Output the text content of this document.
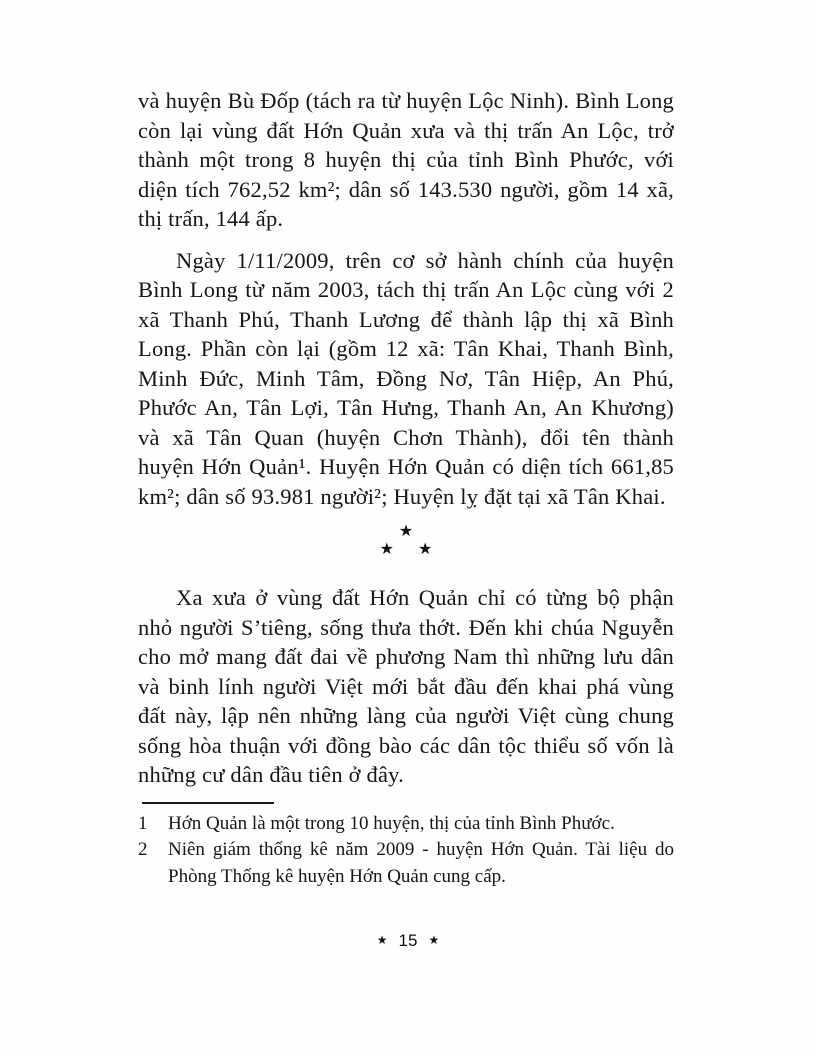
và huyện Bù Đốp (tách ra từ huyện Lộc Ninh). Bình Long còn lại vùng đất Hớn Quản xưa và thị trấn An Lộc, trở thành một trong 8 huyện thị của tỉnh Bình Phước, với diện tích 762,52 km²; dân số 143.530 người, gồm 14 xã, thị trấn, 144 ấp.

Ngày 1/11/2009, trên cơ sở hành chính của huyện Bình Long từ năm 2003, tách thị trấn An Lộc cùng với 2 xã Thanh Phú, Thanh Lương để thành lập thị xã Bình Long. Phần còn lại (gồm 12 xã: Tân Khai, Thanh Bình, Minh Đức, Minh Tâm, Đồng Nơ, Tân Hiệp, An Phú, Phước An, Tân Lợi, Tân Hưng, Thanh An, An Khương) và xã Tân Quan (huyện Chơn Thành), đổi tên thành huyện Hớn Quản¹. Huyện Hớn Quản có diện tích 661,85 km²; dân số 93.981 người²; Huyện lỵ đặt tại xã Tân Khai.

★
★ ★

Xa xưa ở vùng đất Hớn Quản chỉ có từng bộ phận nhỏ người S’tiêng, sống thưa thớt. Đến khi chúa Nguyễn cho mở mang đất đai về phương Nam thì những lưu dân và binh lính người Việt mới bắt đầu đến khai phá vùng đất này, lập nên những làng của người Việt cùng chung sống hòa thuận với đồng bào các dân tộc thiểu số vốn là những cư dân đầu tiên ở đây.

1	Hớn Quản là một trong 10 huyện, thị của tỉnh Bình Phước.
2	Niên giám thống kê năm 2009 - huyện Hớn Quản. Tài liệu do Phòng Thống kê huyện Hớn Quản cung cấp.
★ 15 ★
